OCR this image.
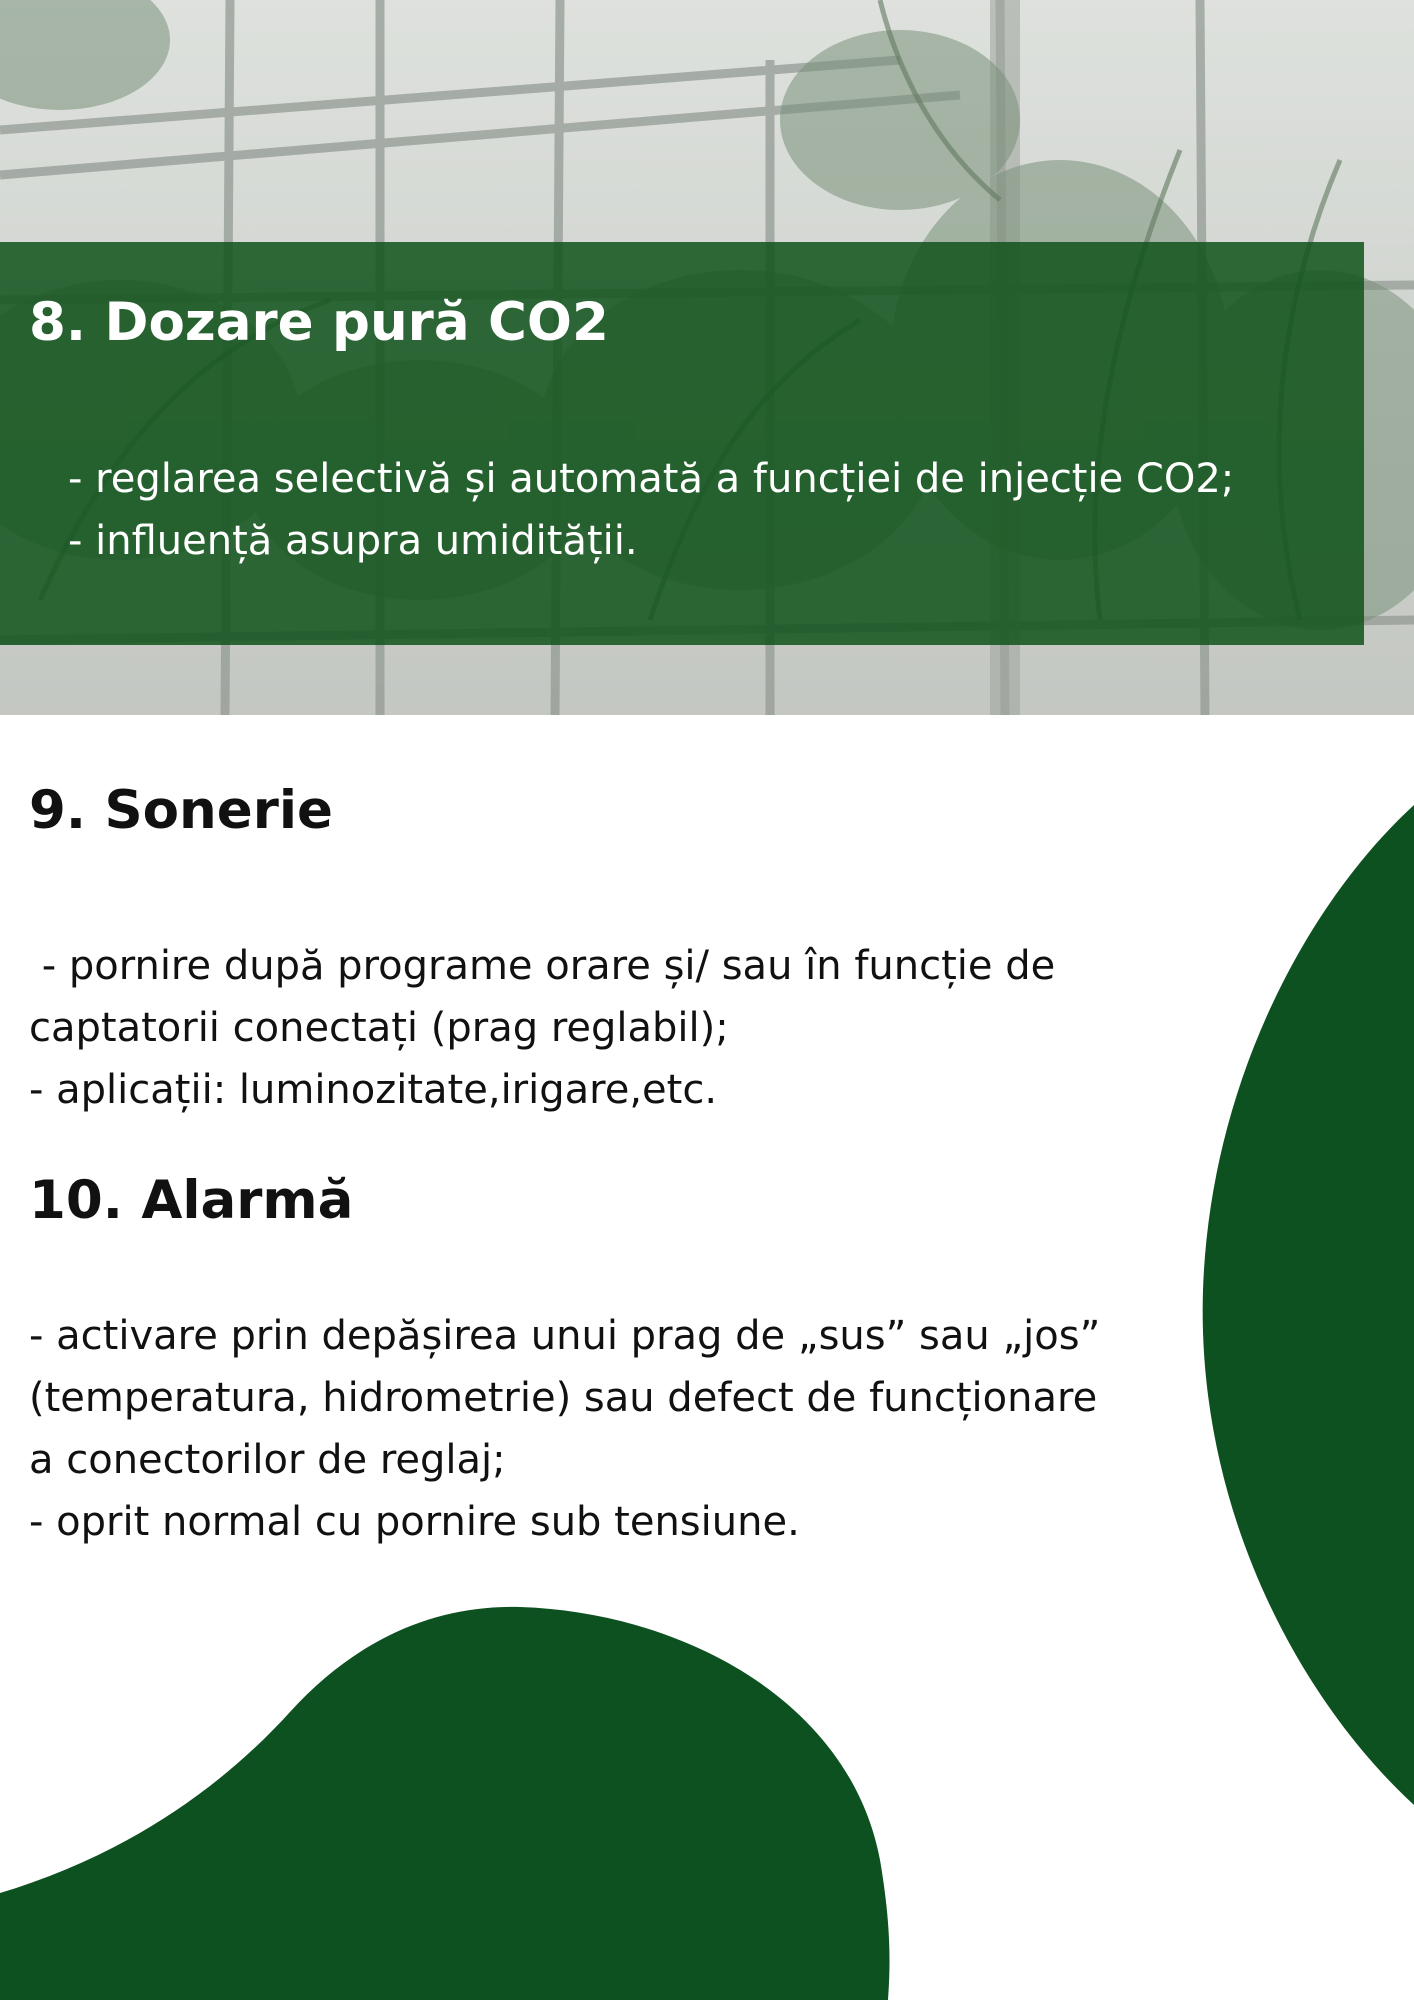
8. Dozare pură CO2
- reglarea selectivă și automată a funcției de injecție CO2;
- influență asupra umidității.
9. Sonerie
- pornire după programe orare și/ sau în funcție de
captatorii conectați (prag reglabil);
- aplicații: luminozitate,irigare,etc.
10. Alarmă
- activare prin depășirea unui prag de „sus” sau „jos”
(temperatura, hidrometrie) sau defect de funcționare
a conectorilor de reglaj;
- oprit normal cu pornire sub tensiune.
